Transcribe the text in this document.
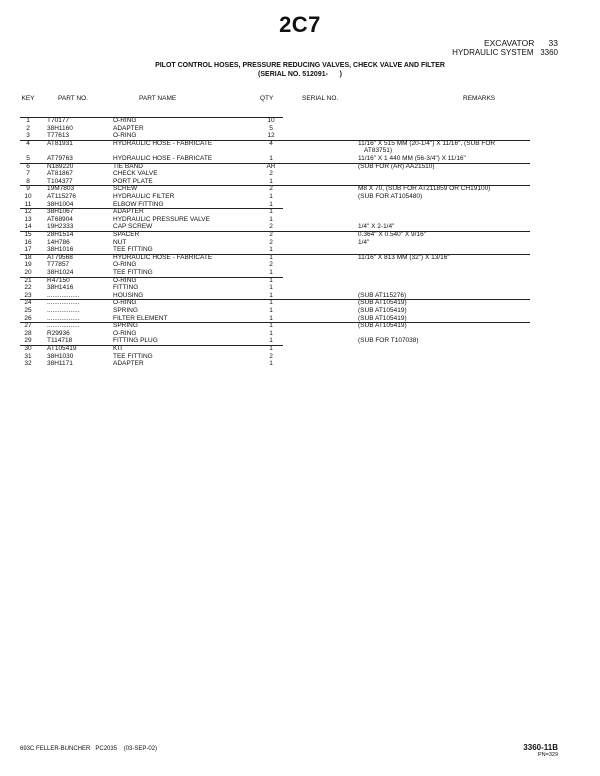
2C7
EXCAVATOR 33
HYDRAULIC SYSTEM 3360
PILOT CONTROL HOSES, PRESSURE REDUCING VALVES, CHECK VALVE AND FILTER
(SERIAL NO. 512091-      )
KEY	PART NO.	PART NAME	QTY	SERIAL NO.	REMARKS
1	T70177	O-RING	10
2	38H1160	ADAPTER	5
3	T77613	O-RING	12
4	AT81931	HYDRAULIC HOSE - FABRICATE	4	11/16" X 515 MM (20-1/4") X 11/16", (SUB FOR
AT83751)
5	AT79763	HYDRAULIC HOSE - FABRICATE	1	11/16" X 1 440 MM (56-3/4") X 11/16"
6	N189220	TIE BAND	AR	(SUB FOR (AR) AA21510)
7	AT81867	CHECK VALVE	2
8	T104377	PORT PLATE	1
9	19M7803	SCREW	2	M8 X 70, (SUB FOR AT211859 OR CH19100)
10	AT115276	HYDRAULIC FILTER	1	(SUB FOR AT105480)
11	38H1004	ELBOW FITTING	1
12	38H1067	ADAPTER	1
13	AT68904	HYDRAULIC PRESSURE VALVE	1
14	19H2333	CAP SCREW	2	1/4" X 2-1/4"
15	28H1514	SPACER	2	0.364" X 0.540" X 9/16"
16	14H786	NUT	2	1/4"
17	38H1016	TEE FITTING	1
18	AT79568	HYDRAULIC HOSE - FABRICATE	1	11/16" X 813 MM (32") X 13/16"
19	T77857	O-RING	2
20	38H1024	TEE FITTING	1
21	R47150	O-RING	1
22	38H1416	FITTING	1
23	..................	HOUSING	1	(SUB AT115276)
24	..................	O-RING	1	(SUB AT105419)
25	..................	SPRING	1	(SUB AT105419)
26	..................	FILTER ELEMENT	1	(SUB AT105419)
27	..................	SPRING	1	(SUB AT105419)
28	R29936	O-RING	1
29	T114718	FITTING PLUG	1	(SUB FOR T107038)
30	AT105419	KIT	1
31	38H1030	TEE FITTING	2
32	38H1171	ADAPTER	1
693C FELLER-BUNCHER   PC2035    (03-SEP-02)	3360-11B
PN=329
